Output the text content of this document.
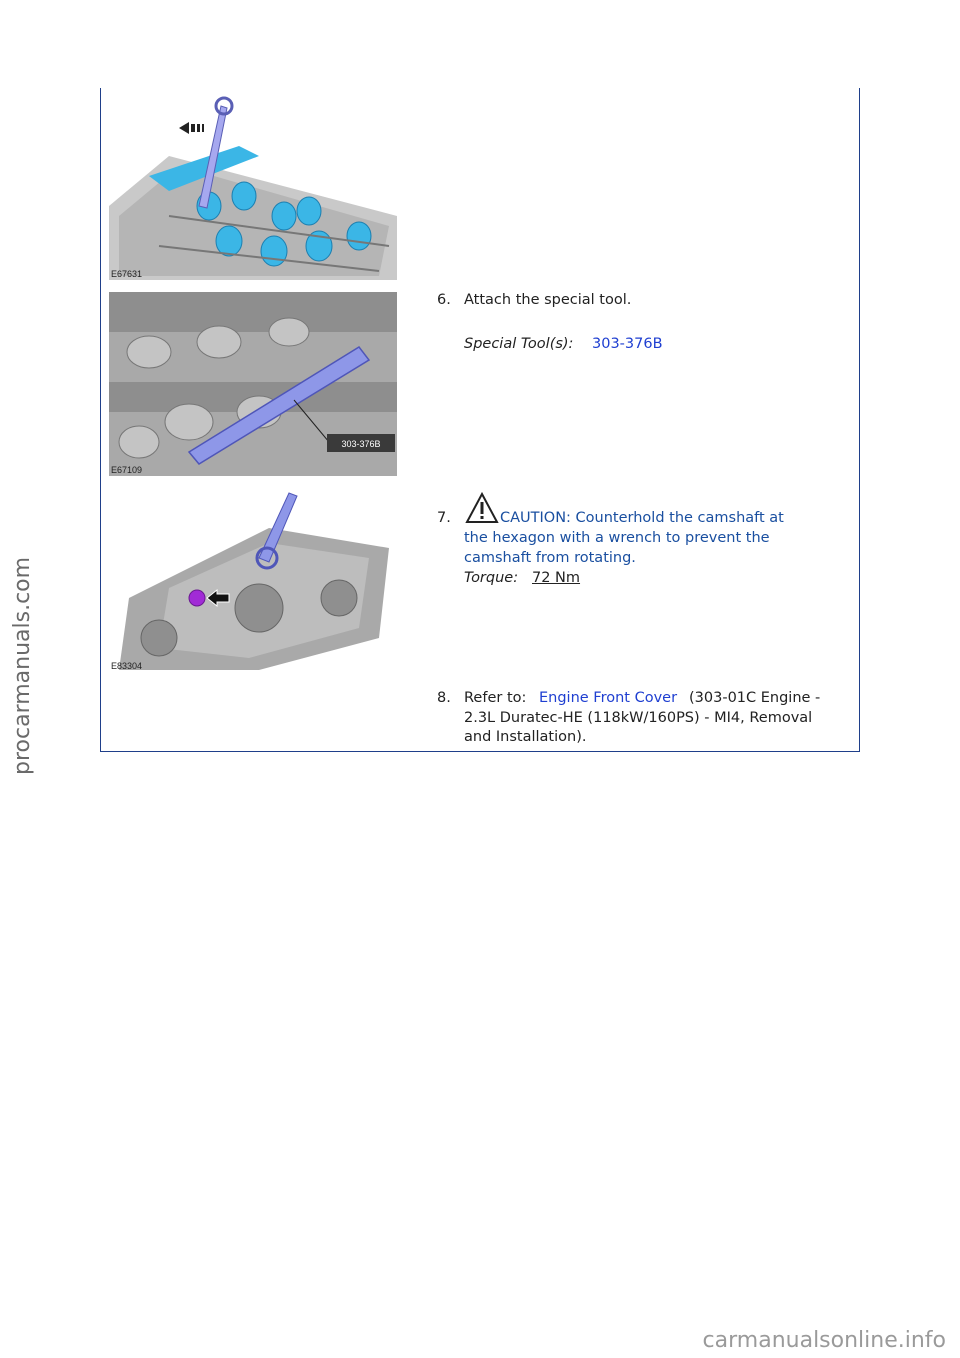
E67631
303-376B
E67109
E83304
6. Attach the special tool.
Special Tool(s): 303-376B
7.	CAUTION: Counterhold the camshaft at
the hexagon with a wrench to prevent the
camshaft from rotating.
Torque: 72 Nm
8. Refer to: Engine Front Cover (303-01C Engine -
2.3L Duratec-HE (118kW/160PS) - MI4, Removal
and Installation).
procarmanuals.com
carmanualsonline.info
